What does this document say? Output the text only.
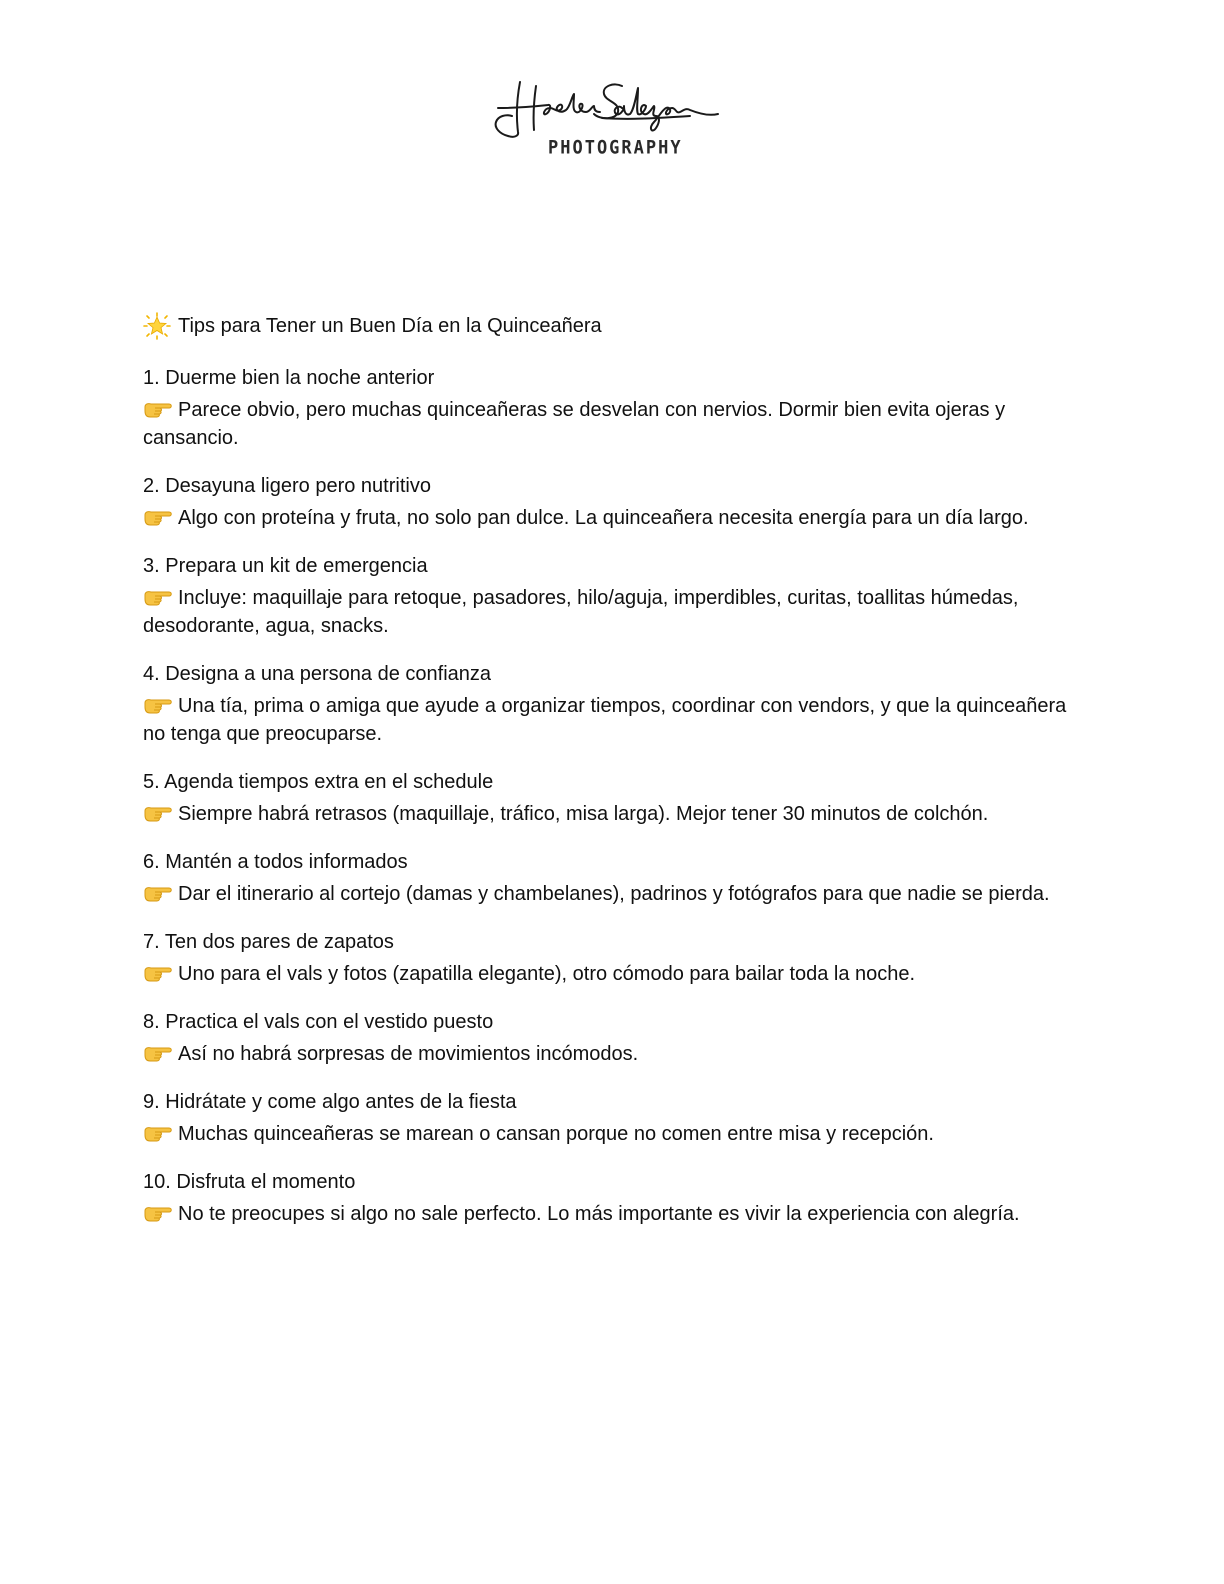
PHOTOGRAPHY
Tips para Tener un Buen Día en la Quinceañera

1. Duerme bien la noche anterior

Parece obvio, pero muchas quinceañeras se desvelan con nervios. Dormir bien evita ojeras y cansancio.

2. Desayuna ligero pero nutritivo

Algo con proteína y fruta, no solo pan dulce. La quinceañera necesita energía para un día largo.

3. Prepara un kit de emergencia

Incluye: maquillaje para retoque, pasadores, hilo/aguja, imperdibles, curitas, toallitas húmedas, desodorante, agua, snacks.

4. Designa a una persona de confianza

Una tía, prima o amiga que ayude a organizar tiempos, coordinar con vendors, y que la quinceañera no tenga que preocuparse.

5. Agenda tiempos extra en el schedule

Siempre habrá retrasos (maquillaje, tráfico, misa larga). Mejor tener 30 minutos de colchón.

6. Mantén a todos informados

Dar el itinerario al cortejo (damas y chambelanes), padrinos y fotógrafos para que nadie se pierda.

7. Ten dos pares de zapatos

Uno para el vals y fotos (zapatilla elegante), otro cómodo para bailar toda la noche.

8. Practica el vals con el vestido puesto

Así no habrá sorpresas de movimientos incómodos.

9. Hidrátate y come algo antes de la fiesta

Muchas quinceañeras se marean o cansan porque no comen entre misa y recepción.

10. Disfruta el momento

No te preocupes si algo no sale perfecto. Lo más importante es vivir la experiencia con alegría.
